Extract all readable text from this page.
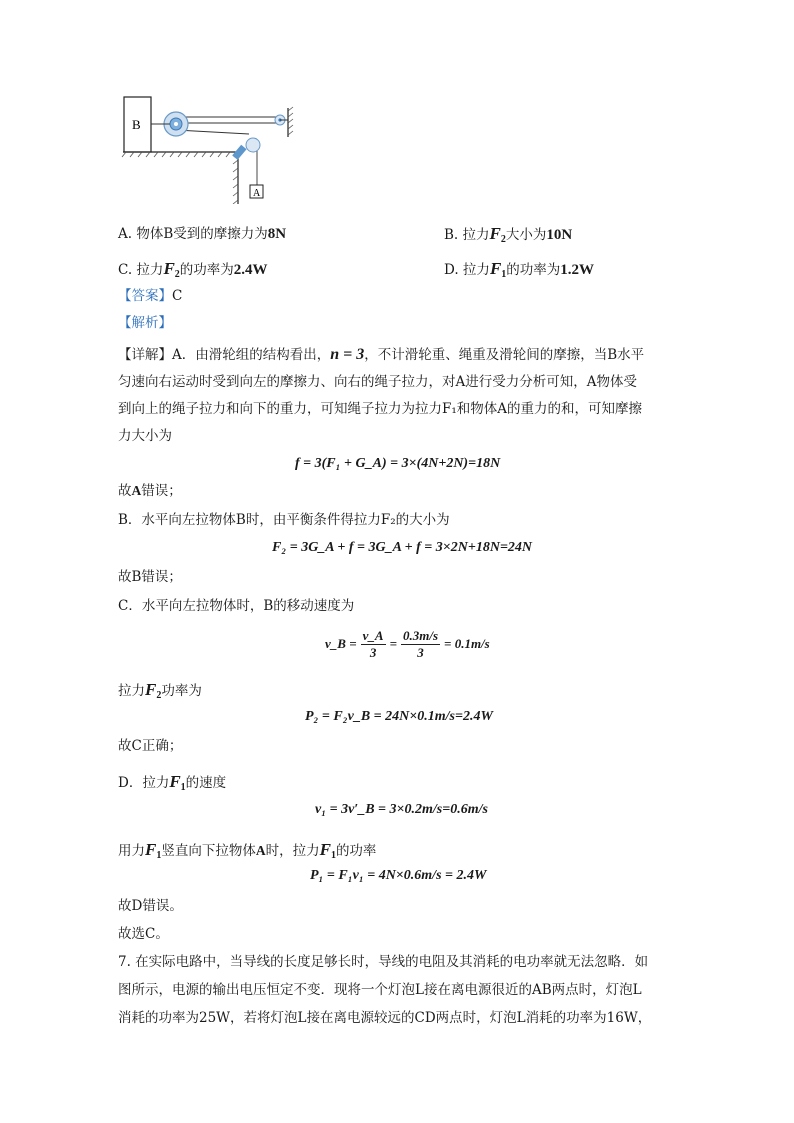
B
A
A. 物体B受到的摩擦力为8N	B. 拉力$F_2$大小为10N
C. 拉力$F_2$的功率为2.4W	D. 拉力$F_1$的功率为1.2W
【答案】C
【解析】
【详解】A．由滑轮组的结构看出，n = 3，不计滑轮重、绳重及滑轮间的摩擦，当B水平
匀速向右运动时受到向左的摩擦力、向右的绳子拉力，对A进行受力分析可知，A物体受
到向上的绳子拉力和向下的重力，可知绳子拉力为拉力F₁和物体A的重力的和，可知摩擦
力大小为
f = 3(F₁ + G_A) = 3×(4N+2N)=18N
故A错误；
B．水平向左拉物体B时，由平衡条件得拉力F₂的大小为
F₂ = 3G_A + f = 3G_A + f = 3×2N+18N=24N
故B错误；
C．水平向左拉物体时，B的移动速度为
v_B = $\frac{v\_A}{3} = \frac{0.3m/s}{3} = 0.1m/s$
拉力$F_2$功率为
P₂ = F₂v_B = 24N×0.1m/s=2.4W
故C正确；
D．拉力$F_1$的速度
v₁ = 3v′_B = 3×0.2m/s=0.6m/s
用力$F_1$竖直向下拉物体A时，拉力$F_1$的功率
P₁ = F₁v₁ = 4N×0.6m/s = 2.4W
故D错误。
故选C。
7. 在实际电路中，当导线的长度足够长时，导线的电阻及其消耗的电功率就无法忽略．如
图所示，电源的输出电压恒定不变．现将一个灯泡L接在离电源很近的AB两点时，灯泡L
消耗的功率为25W，若将灯泡L接在离电源较远的CD两点时，灯泡L消耗的功率为16W，
